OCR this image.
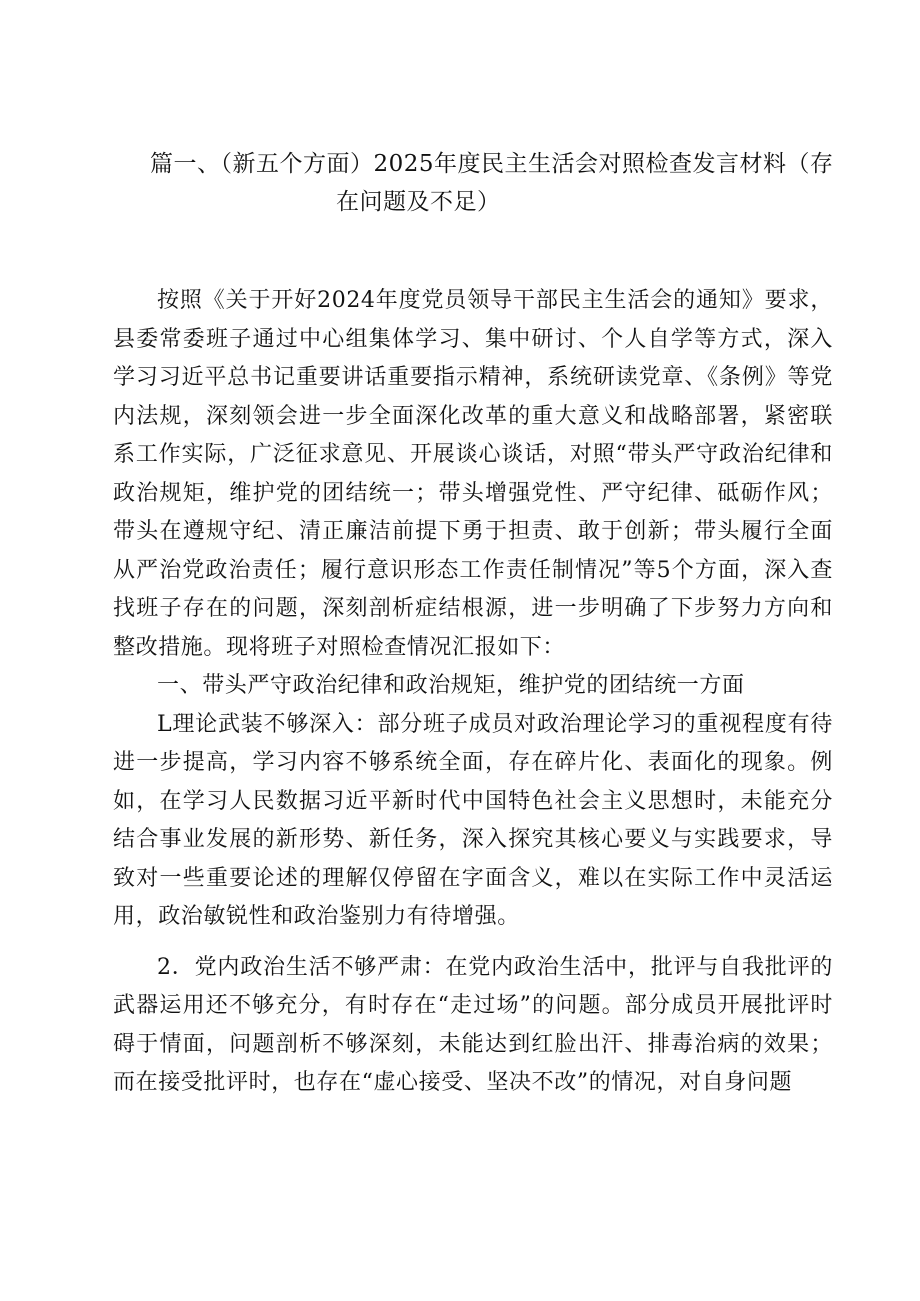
篇一、（新五个方面）2025年度民主生活会对照检查发言材料（存
在问题及不足）

按照《关于开好2024年度党员领导干部民主生活会的通知》要求，县委常委班子通过中心组集体学习、集中研讨、个人自学等方式，深入学习习近平总书记重要讲话重要指示精神，系统研读党章、《条例》等党内法规，深刻领会进一步全面深化改革的重大意义和战略部署，紧密联系工作实际，广泛征求意见、开展谈心谈话，对照“带头严守政治纪律和政治规矩，维护党的团结统一；带头增强党性、严守纪律、砥砺作风；带头在遵规守纪、清正廉洁前提下勇于担责、敢于创新；带头履行全面从严治党政治责任；履行意识形态工作责任制情况”等5个方面，深入查找班子存在的问题，深刻剖析症结根源，进一步明确了下步努力方向和整改措施。现将班子对照检查情况汇报如下：

一、带头严守政治纪律和政治规矩，维护党的团结统一方面

L理论武装不够深入：部分班子成员对政治理论学习的重视程度有待进一步提高，学习内容不够系统全面，存在碎片化、表面化的现象。例如，在学习人民数据习近平新时代中国特色社会主义思想时，未能充分结合事业发展的新形势、新任务，深入探究其核心要义与实践要求，导致对一些重要论述的理解仅停留在字面含义，难以在实际工作中灵活运用，政治敏锐性和政治鉴别力有待增强。

2．党内政治生活不够严肃：在党内政治生活中，批评与自我批评的武器运用还不够充分，有时存在“走过场”的问题。部分成员开展批评时碍于情面，问题剖析不够深刻，未能达到红脸出汗、排毒治病的效果；而在接受批评时，也存在“虚心接受、坚决不改”的情况，对自身问题
